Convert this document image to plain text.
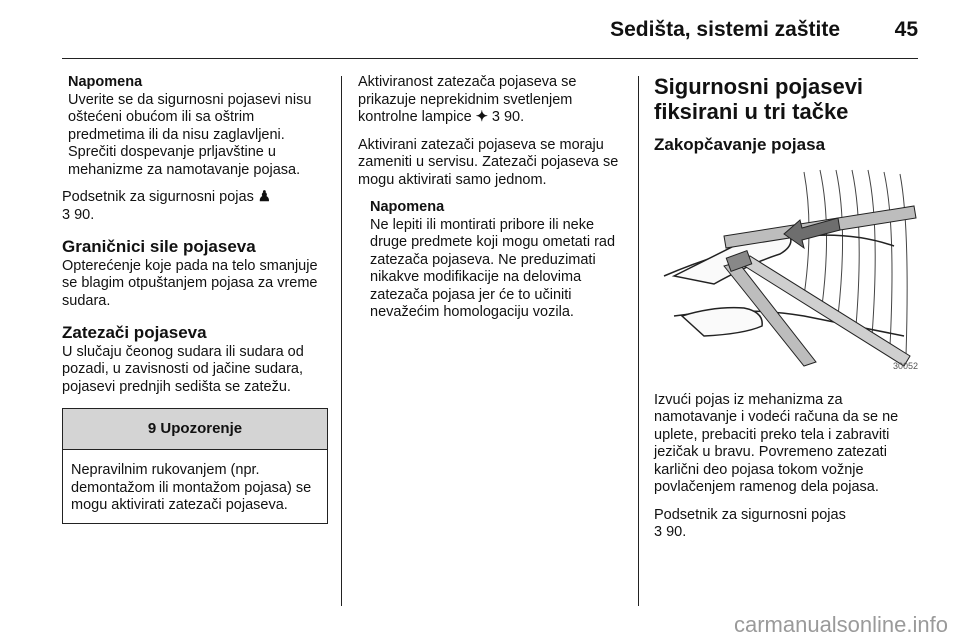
Sedišta, sistemi zaštite	45
Napomena
Uverite se da sigurnosni pojasevi nisu oštećeni obućom ili sa oštrim predmetima ili da nisu zaglavljeni. Sprečiti dospevanje prljavštine u mehanizme za namotavanje pojasa.

Podsetnik za sigurnosni pojas ♟
3 90.

Graničnici sile pojaseva

Opterećenje koje pada na telo smanjuje se blagim otpuštanjem pojasa za vreme sudara.

Zatezači pojaseva

U slučaju čeonog sudara ili sudara od pozadi, u zavisnosti od jačine sudara, pojasevi prednjih sedišta se zatežu.

9 Upozorenje
Nepravilnim rukovanjem (npr. demontažom ili montažom pojasa) se mogu aktivirati zatezači pojaseva.

Aktiviranost zatezača pojaseva se prikazuje neprekidnim svetlenjem kontrolne lampice ✦ 3 90.

Aktivirani zatezači pojaseva se moraju zameniti u servisu. Zatezači pojaseva se mogu aktivirati samo jednom.

Napomena
Ne lepiti ili montirati pribore ili neke druge predmete koji mogu ometati rad zatezača pojaseva. Ne preduzimati nikakve modifikacije na delovima zatezača pojasa jer će to učiniti nevažećim homologaciju vozila.
Sigurnosni pojasevi fiksirani u tri tačke
Zakopčavanje pojasa
30052

Izvući pojas iz mehanizma za namotavanje i vodeći računa da se ne uplete, prebaciti preko tela i zabraviti jezičak u bravu. Povremeno zatezati karlični deo pojasa tokom vožnje povlačenjem ramenog dela pojasa.

Podsetnik za sigurnosni pojas
3 90.

carmanualsonline.info
